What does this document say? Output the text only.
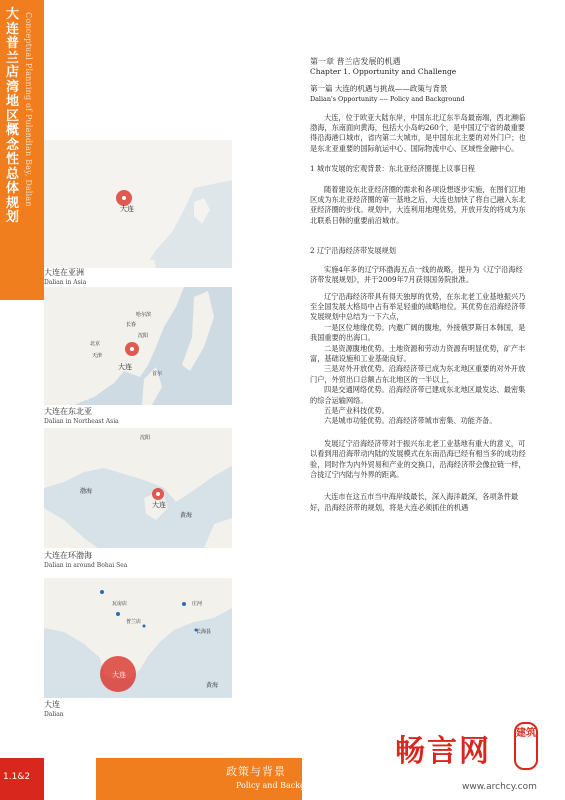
大连普兰店湾地区概念性总体规划
Conceptual Planning of Pulandian Bay, Dalian
大连
大连在亚洲
Dalian in Asia
哈尔滨
长春
沈阳
北京
天津
首尔
大连
大连在东北亚
Dalian in Northeast Asia
沈阳
渤海
黄海
大连
大连在环渤海
Dalian in around Bohai Sea
瓦房店
普兰店
庄河
长海县
黄海
大连
大连
Dalian
第一章 普兰店发展的机遇
Chapter 1. Opportunity and Challenge
第一篇 大连的机遇与挑战——政策与背景
Dalian's Opportunity ---- Policy and Background

大连，位于欧亚大陆东岸，中国东北辽东半岛最南端，西北濒临渤海，东南面向黄海，包括大小岛屿260个，是中国辽宁省的最重要得沿海港口城市，省内第二大城市，是中国东北主要的对外门户；也是东北亚重要的国际航运中心、国际物流中心、区域性金融中心。

1 城市发展的宏观背景：东北亚经济圈提上议事日程

随着建设东北亚经济圈的需求和各项设想逐步实施，在图们江地区成为东北亚经济圈的第一基地之后，大连也加快了将自己融入东北亚经济圈的步伐。规划中，大连利用地理优势，开放开发的将成为东北联系日韩的重要前沿城市。

2 辽宁沿海经济带发展规划

实施4年多的辽宁环渤海五点一线的战略，提升为《辽宁沿海经济带发展规划》，并于2009年7月获得国务院批准。

辽宁沿海经济带具有得天独厚的优势，在东北老工业基地振兴乃至全国发展大格局中占有举足轻重的战略地位。其优势在沿海经济带发展规划中总结为一下六点，

一是区位地缘优势。内邀广阔的腹地，外接俄罗斯日本韩国，是我国重要的出海口。

二是资源腹地优势。土地资源和劳动力资源有明显优势，矿产丰富，基础设施和工业基础良好。

三是对外开放优势。沿海经济带已成为东北地区重要的对外开放门户，外贸出口总额占东北地区的一半以上，

四是交通网络优势。沿海经济带已建成东北地区最发达、最密集的综合运输网络。

五是产业科技优势。

六是城市功能优势。沿海经济带城市密集、功能齐备。

发展辽宁沿海经济带对于振兴东北老工业基地有重大的意义，可以看到用沿海带动内陆的发展模式在东南沿海已经有相当多的成功经验，同时作为内外贸易和产业的交换口，沿海经济带会像拉链一样，合拢辽宁内陆与外界的距离。

大连市在这五市当中海岸线最长，深入海洋最深，各项条件最好，沿海经济带的规划，将是大连必须抓住的机遇

1.1&2	政策与背景
Policy and Background
畅言网
建筑
www.archcy.com
